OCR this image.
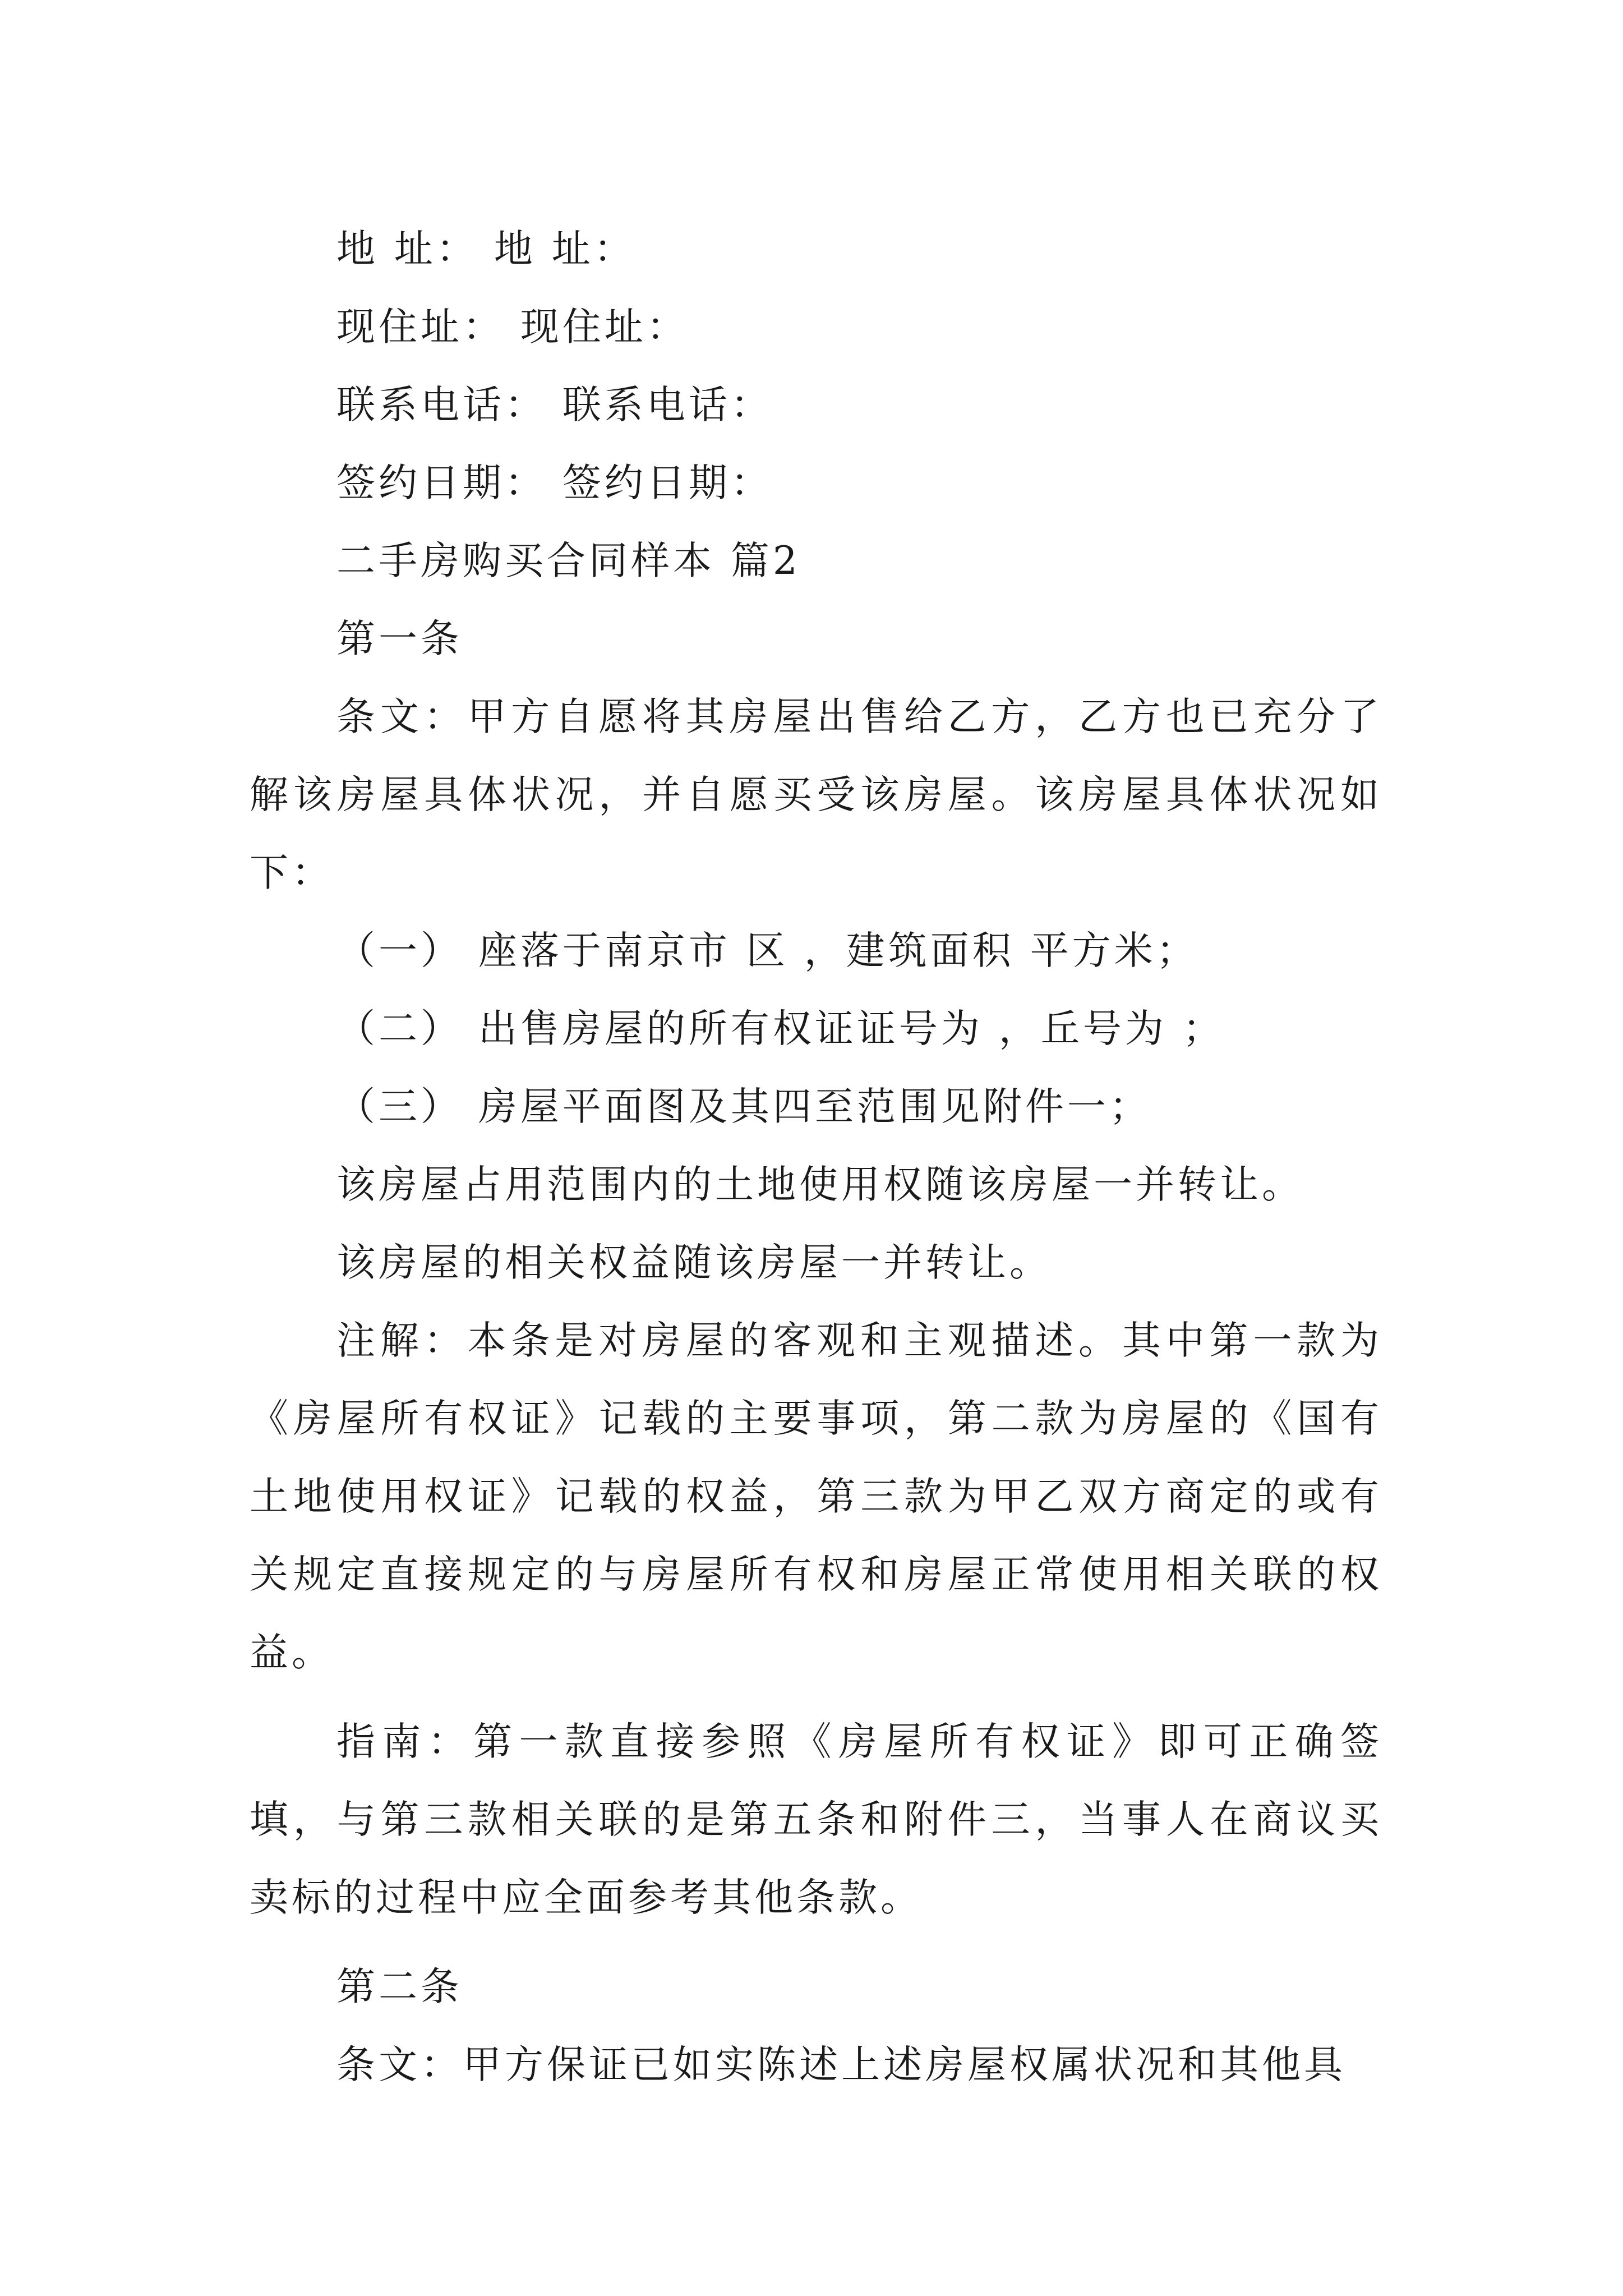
地 址： 地 址：
现住址： 现住址：
联系电话： 联系电话：
签约日期： 签约日期：
二手房购买合同样本 篇2
第一条
条文：甲方自愿将其房屋出售给乙方，乙方也已充分了解该房屋具体状况，并自愿买受该房屋。该房屋具体状况如下：
（一） 座落于南京市 区 ，建筑面积 平方米；
（二） 出售房屋的所有权证证号为 ，丘号为 ；
（三） 房屋平面图及其四至范围见附件一；
该房屋占用范围内的土地使用权随该房屋一并转让。
该房屋的相关权益随该房屋一并转让。
注解：本条是对房屋的客观和主观描述。其中第一款为《房屋所有权证》记载的主要事项，第二款为房屋的《国有土地使用权证》记载的权益，第三款为甲乙双方商定的或有关规定直接规定的与房屋所有权和房屋正常使用相关联的权益。
指南：第一款直接参照《房屋所有权证》即可正确签填，与第三款相关联的是第五条和附件三，当事人在商议买卖标的过程中应全面参考其他条款。
第二条
条文：甲方保证已如实陈述上述房屋权属状况和其他具
